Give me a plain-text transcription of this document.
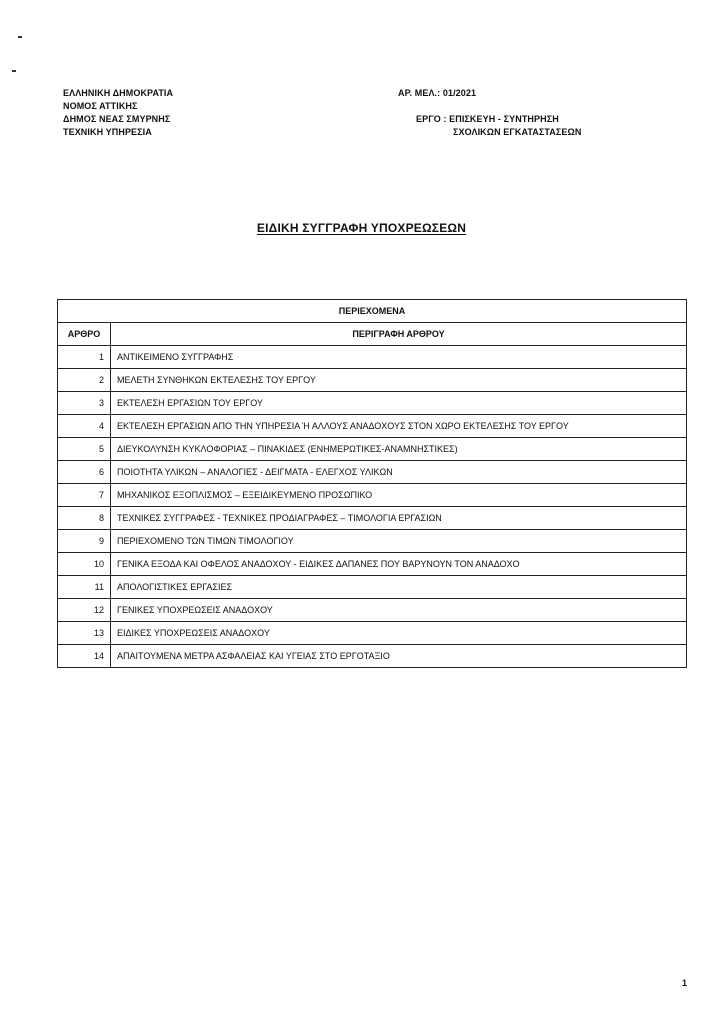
ΕΛΛΗΝΙΚΗ ΔΗΜΟΚΡΑΤΙΑ
ΝΟΜΟΣ ΑΤΤΙΚΗΣ
ΔΗΜΟΣ ΝΕΑΣ ΣΜΥΡΝΗΣ
ΤΕΧΝΙΚΗ ΥΠΗΡΕΣΙΑ
ΑΡ. ΜΕΛ.: 01/2021
ΕΡΓΟ : ΕΠΙΣΚΕΥΗ - ΣΥΝΤΗΡΗΣΗ
ΣΧΟΛΙΚΩΝ ΕΓΚΑΤΑΣΤΑΣΕΩΝ
ΕΙΔΙΚΗ ΣΥΓΓΡΑΦΗ ΥΠΟΧΡΕΩΣΕΩΝ
ΠΕΡΙΕΧΟΜΕΝΑ	
ΑΡΘΡΟ	ΠΕΡΙΓΡΑΦΗ ΑΡΘΡΟΥ
1	ΑΝΤΙΚΕΙΜΕΝΟ ΣΥΓΓΡΑΦΗΣ
2	ΜΕΛΕΤΗ ΣΥΝΘΗΚΩΝ ΕΚΤΕΛΕΣΗΣ ΤΟΥ ΕΡΓΟΥ
3	ΕΚΤΕΛΕΣΗ ΕΡΓΑΣΙΩΝ ΤΟΥ ΕΡΓΟΥ
4	ΕΚΤΕΛΕΣΗ ΕΡΓΑΣΙΩΝ ΑΠΟ ΤΗΝ ΥΠΗΡΕΣΙΑ Ή ΑΛΛΟΥΣ ΑΝΑΔΟΧΟΥΣ ΣΤΟΝ ΧΩΡΟ ΕΚΤΕΛΕΣΗΣ ΤΟΥ ΕΡΓΟΥ
5	ΔΙΕΥΚΟΛΥΝΣΗ ΚΥΚΛΟΦΟΡΙΑΣ – ΠΙΝΑΚΙΔΕΣ (ΕΝΗΜΕΡΩΤΙΚΕΣ-ΑΝΑΜΝΗΣΤΙΚΕΣ)
6	ΠΟΙΟΤΗΤΑ ΥΛΙΚΩΝ – ΑΝΑΛΟΓΙΕΣ - ΔΕΙΓΜΑΤΑ - ΕΛΕΓΧΟΣ ΥΛΙΚΩΝ
7	ΜΗΧΑΝΙΚΟΣ ΕΞΟΠΛΙΣΜΟΣ – ΕΞΕΙΔΙΚΕΥΜΕΝΟ ΠΡΟΣΩΠΙΚΟ
8	ΤΕΧΝΙΚΕΣ ΣΥΓΓΡΑΦΕΣ - ΤΕΧΝΙΚΕΣ ΠΡΟΔΙΑΓΡΑΦΕΣ – ΤΙΜΟΛΟΓΙΑ ΕΡΓΑΣΙΩΝ
9	ΠΕΡΙΕΧΟΜΕΝΟ ΤΩΝ ΤΙΜΩΝ ΤΙΜΟΛΟΓΙΟΥ
10	ΓΕΝΙΚΑ ΕΞΟΔΑ ΚΑΙ ΟΦΕΛΟΣ ΑΝΑΔΟΧΟΥ - ΕΙΔΙΚΕΣ ΔΑΠΑΝΕΣ ΠΟΥ ΒΑΡΥΝΟΥΝ ΤΟΝ ΑΝΑΔΟΧΟ
11	ΑΠΟΛΟΓΙΣΤΙΚΕΣ ΕΡΓΑΣΙΕΣ
12	ΓΕΝΙΚΕΣ ΥΠΟΧΡΕΩΣΕΙΣ ΑΝΑΔΟΧΟΥ
13	ΕΙΔΙΚΕΣ ΥΠΟΧΡΕΩΣΕΙΣ ΑΝΑΔΟΧΟΥ
14	ΑΠΑΙΤΟΥΜΕΝΑ ΜΕΤΡΑ ΑΣΦΑΛΕΙΑΣ ΚΑΙ ΥΓΕΙΑΣ ΣΤΟ ΕΡΓΟΤΑΞΙΟ
1
